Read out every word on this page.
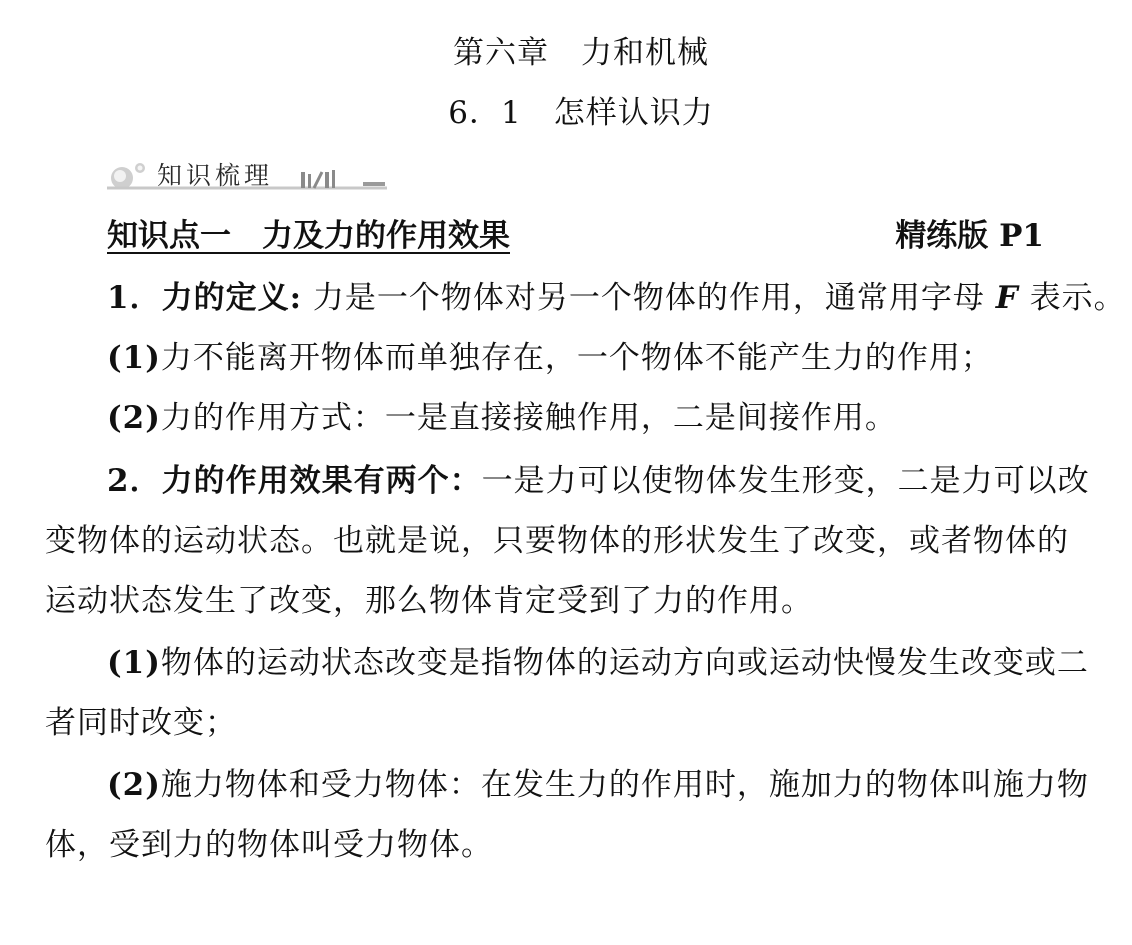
第六章　力和机械
6．1　怎样认识力
知识梳理
知识点一　力及力的作用效果	精练版 P1
1．力的定义: 力是一个物体对另一个物体的作用，通常用字母 F 表示。
(1)力不能离开物体而单独存在，一个物体不能产生力的作用；
(2)力的作用方式：一是直接接触作用，二是间接作用。
2．力的作用效果有两个：一是力可以使物体发生形变，二是力可以改
变物体的运动状态。也就是说，只要物体的形状发生了改变，或者物体的
运动状态发生了改变，那么物体肯定受到了力的作用。
(1)物体的运动状态改变是指物体的运动方向或运动快慢发生改变或二
者同时改变；
(2)施力物体和受力物体：在发生力的作用时，施加力的物体叫施力物
体，受到力的物体叫受力物体。
